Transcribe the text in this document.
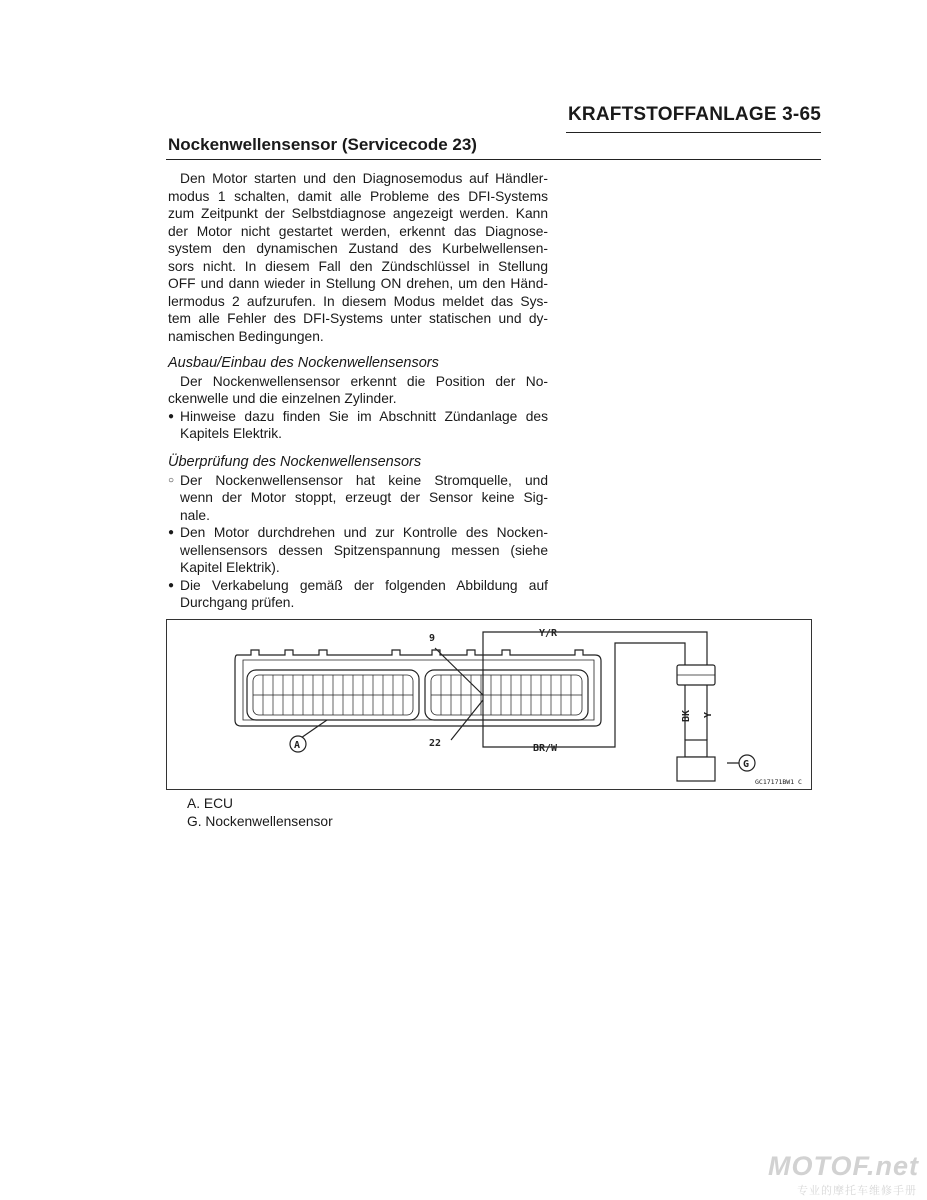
KRAFTSTOFFANLAGE 3-65
Nockenwellensensor (Servicecode 23)
Den Motor starten und den Diagnosemodus auf Händler-
modus 1 schalten, damit alle Probleme des DFI-Systems
zum Zeitpunkt der Selbstdiagnose angezeigt werden. Kann
der Motor nicht gestartet werden, erkennt das Diagnose-
system den dynamischen Zustand des Kurbelwellensen-
sors nicht. In diesem Fall den Zündschlüssel in Stellung
OFF und dann wieder in Stellung ON drehen, um den Händ-
lermodus 2 aufzurufen. In diesem Modus meldet das Sys-
tem alle Fehler des DFI-Systems unter statischen und dy-
namischen Bedingungen.
Ausbau/Einbau des Nockenwellensensors
Der Nockenwellensensor erkennt die Position der No-
ckenwelle und die einzelnen Zylinder.
● Hinweise dazu finden Sie im Abschnitt Zündanlage des
Kapitels Elektrik.
Überprüfung des Nockenwellensensors
○ Der Nockenwellensensor hat keine Stromquelle, und
wenn der Motor stoppt, erzeugt der Sensor keine Sig-
nale.
● Den Motor durchdrehen und zur Kontrolle des Nocken-
wellensensors dessen Spitzenspannung messen (siehe
Kapitel Elektrik).
● Die Verkabelung gemäß der folgenden Abbildung auf
Durchgang prüfen.
9
22
Y/R
BR/W
BK Y
A
G
GC17171BW1 C
A. ECU
G. Nockenwellensensor
MOTOF.net
专业的摩托车维修手册
